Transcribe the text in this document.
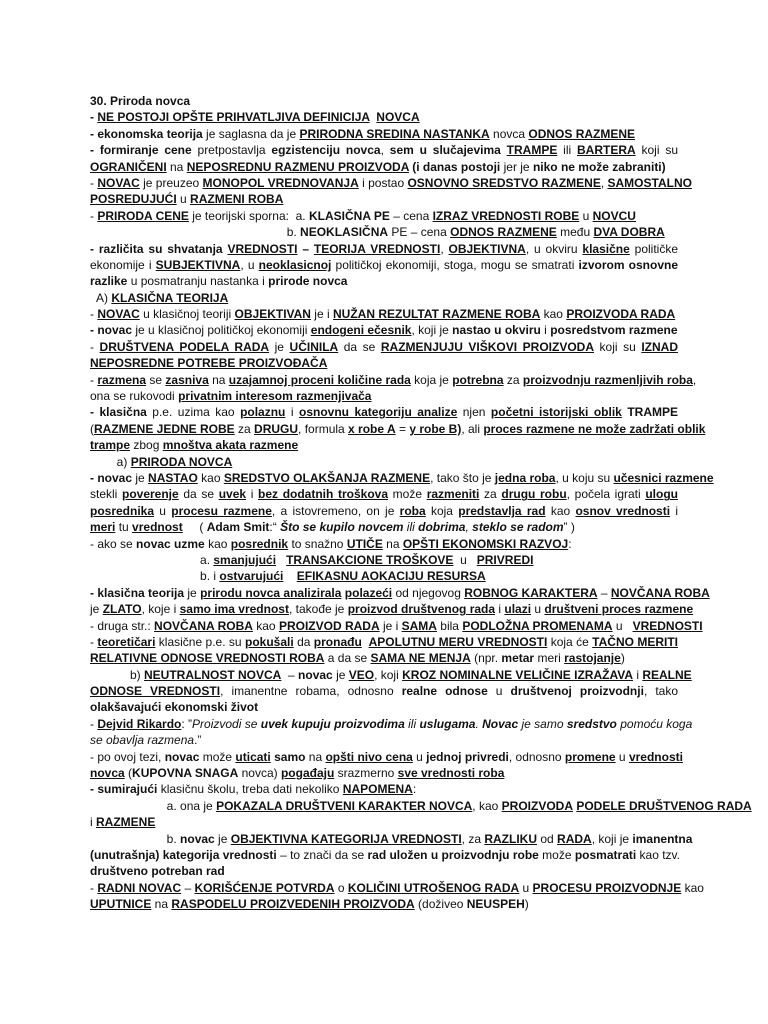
30. Priroda novca
- NE POSTOJI OPŠTE PRIHVATLJIVA DEFINICIJA NOVCA
- ekonomska teorija je saglasna da je PRIRODNA SREDINA NASTANKA novca ODNOS RAZMENE
- formiranje cene pretpostavlja egzistenciju novca, sem u slučajevima TRAMPE ili BARTERA koji su
OGRANIČENI na NEPOSREDNU RAZMENU PROIZVODA (i danas postoji jer je niko ne može zabraniti)
- NOVAC je preuzeo MONOPOL VREDNOVANJA i postao OSNOVNO SREDSTVO RAZMENE, SAMOSTALNO
POSREDUJUĆI u RAZMENI ROBA
- PRIRODA CENE je teorijski sporna:  a. KLASIČNA PE – cena IZRAZ VREDNOSTI ROBE u NOVCU
b. NEOKLASIČNA PE – cena ODNOS RAZMENE među DVA DOBRA
- različita su shvatanja VREDNOSTI – TEORIJA VREDNOSTI, OBJEKTIVNA, u okviru klasične političke
ekonomije i SUBJEKTIVNA, u neoklasicnoj političkoj ekonomiji, stoga, mogu se smatrati izvorom osnovne
razlike u posmatranju nastanka i prirode novca
A) KLASIČNA TEORIJA
- NOVAC u klasičnoj teoriji OBJEKTIVAN je i NUŽAN REZULTAT RAZMENE ROBA kao PROIZVODA RADA
- novac je u klasičnoj političkoj ekonomiji endogeni ečesnik, koji je nastao u okviru i posredstvom razmene
- DRUŠTVENA PODELA RADA je UČINILA da se RAZMENJUJU VIŠKOVI PROIZVODA koji su IZNAD
NEPOSREDNE POTREBE PROIZVOĐAČA
- razmena se zasniva na uzajamnoj proceni količine rada koja je potrebna za proizvodnju razmenljivih roba,
ona se rukovodi privatnim interesom razmenjivača
- klasična p.e. uzima kao polaznu i osnovnu kategoriju analize njen početni istorijski oblik TRAMPE
(RAZMENE JEDNE ROBE za DRUGU, formula x robe A = y robe B), ali proces razmene ne može zadržati oblik
trampe zbog mnoštva akata razmene
a) PRIRODA NOVCA
- novac je NASTAO kao SREDSTVO OLAKŠANJA RAZMENE, tako što je jedna roba, u koju su učesnici razmene
stekli poverenje da se uvek i bez dodatnih troškova može razmeniti za drugu robu, počela igrati ulogu
posrednika u procesu razmene, a istovremeno, on je roba koja predstavlja rad kao osnov vrednosti i
meri tu vrednost     ( Adam Smit:“ Što se kupilo novcem ili dobrima, steklo se radom” )
- ako se novac uzme kao posrednik to snažno UTIČE na OPŠTI EKONOMSKI RAZVOJ:
a. smanjujući TRANSAKCIONE TROŠKOVE  u   PRIVREDI
b. i ostvarujući EFIKASNU AOKACIJU RESURSA
- klasična teorija je prirodu novca analizirala polazeći od njegovog ROBNOG KARAKTERA – NOVČANA ROBA
je ZLATO, koje i samo ima vrednost, takođe je proizvod društvenog rada i ulazi u društveni proces razmene
- druga str.: NOVČANA ROBA kao PROIZVOD RADA je i SAMA bila PODLOŽNA PROMENAMA u   VREDNOSTI
- teoretičari klasične p.e. su pokušali da pronađu APOLUTNU MERU VREDNOSTI koja će TAČNO MERITI
RELATIVNE ODNOSE VREDNOSTI ROBA a da se SAMA NE MENJA (npr. metar meri rastojanje)
b) NEUTRALNOST NOVCA  – novac je VEO, koji KROZ NOMINALNE VELIČINE IZRAŽAVA i REALNE
ODNOSE VREDNOSTI, imanentne robama, odnosno realne odnose u društvenoj proizvodnji, tako
olakšavajući ekonomski život
- Dejvid Rikardo: ”Proizvodi se uvek kupuju proizvodima ili uslugama. Novac je samo sredstvo pomoću koga
se obavlja razmena.”
- po ovoj tezi, novac može uticati samo na opšti nivo cena u jednoj privredi, odnosno promene u vrednosti
novca (KUPOVNA SNAGA novca) pogađaju srazmerno sve vrednosti roba
- sumirajući klasičnu školu, treba dati nekoliko NAPOMENA:
a. ona je POKAZALA DRUŠTVENI KARAKTER NOVCA, kao PROIZVODA PODELE DRUŠTVENOG RADA
i RAZMENE
b. novac je OBJEKTIVNA KATEGORIJA VREDNOSTI, za RAZLIKU od RADA, koji je imanentna
(unutrašnja) kategorija vrednosti – to znači da se rad uložen u proizvodnju robe može posmatrati kao tzv.
društveno potreban rad
- RADNI NOVAC – KORIŠĆENJE POTVRDA o KOLIČINI UTROŠENOG RADA u PROCESU PROIZVODNJE kao
UPUTNICE na RASPODELU PROIZVEDENIH PROIZVODA (doživeo NEUSPEH)
